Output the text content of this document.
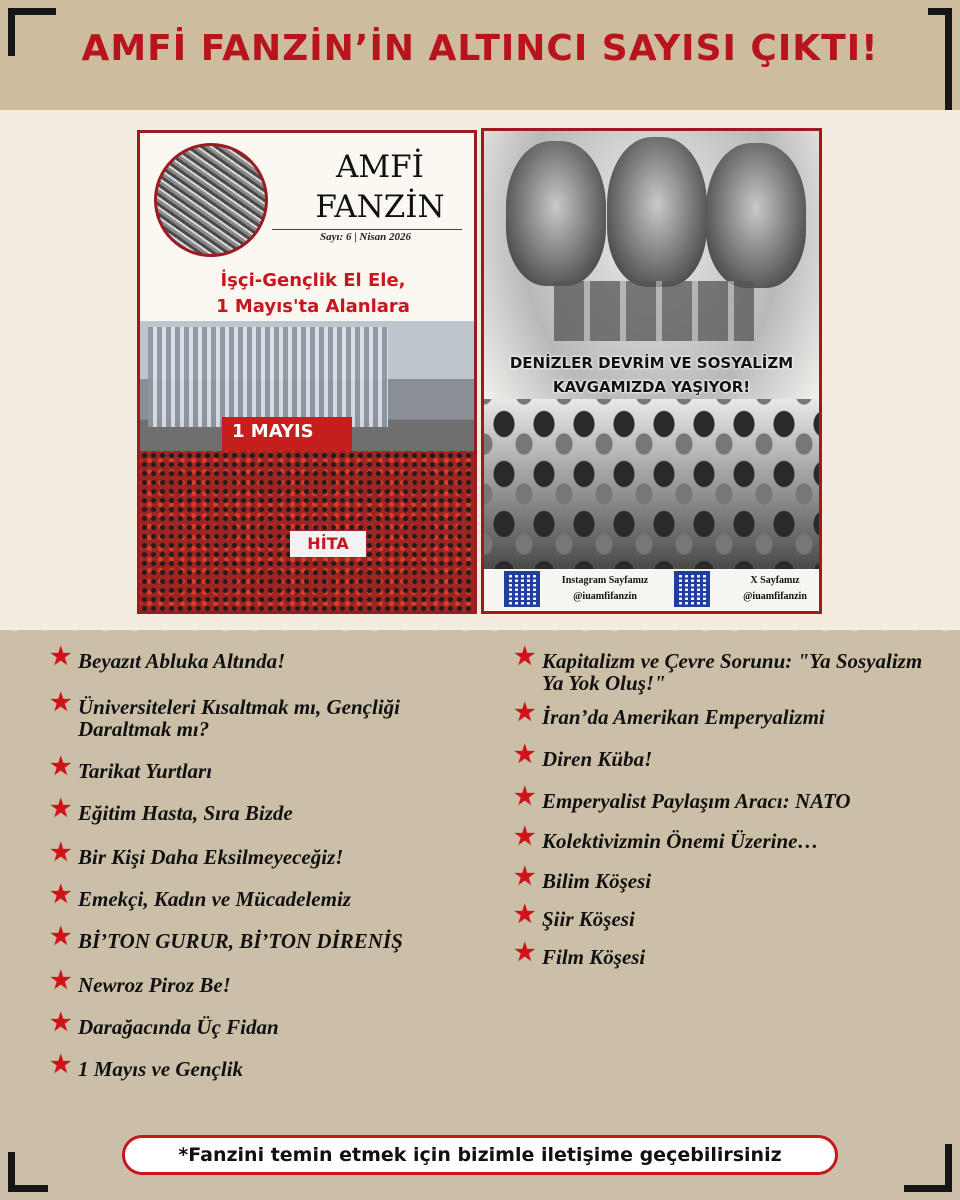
AMFİ FANZİN’İN ALTINCI SAYISI ÇIKTI!
AMFİ
FANZİN
Sayı: 6 | Nisan 2026
İşçi-Gençlik El Ele,
1 Mayıs'ta Alanlara
1 MAYIS
HİTA
DENİZLER DEVRİM VE SOSYALİZM
KAVGAMIZDA YAŞIYOR!
Instagram Sayfamız
@iuamfifanzin
X Sayfamız
@iuamfifanzin
★ Beyazıt Abluka Altında!
★ Üniversiteleri Kısaltmak mı, Gençliği Daraltmak mı?
★ Tarikat Yurtları
★ Eğitim Hasta, Sıra Bizde
★ Bir Kişi Daha Eksilmeyeceğiz!
★ Emekçi, Kadın ve Mücadelemiz
★ Bİ’TON GURUR, Bİ’TON DİRENİŞ
★ Newroz Piroz Be!
★ Darağacında Üç Fidan
★ 1 Mayıs ve Gençlik
★ Kapitalizm ve Çevre Sorunu: "Ya Sosyalizm Ya Yok Oluş!"
★ İran’da Amerikan Emperyalizmi
★ Diren Küba!
★ Emperyalist Paylaşım Aracı: NATO
★ Kolektivizmin Önemi Üzerine…
★ Bilim Köşesi
★ Şiir Köşesi
★ Film Köşesi
*Fanzini temin etmek için bizimle iletişime geçebilirsiniz
